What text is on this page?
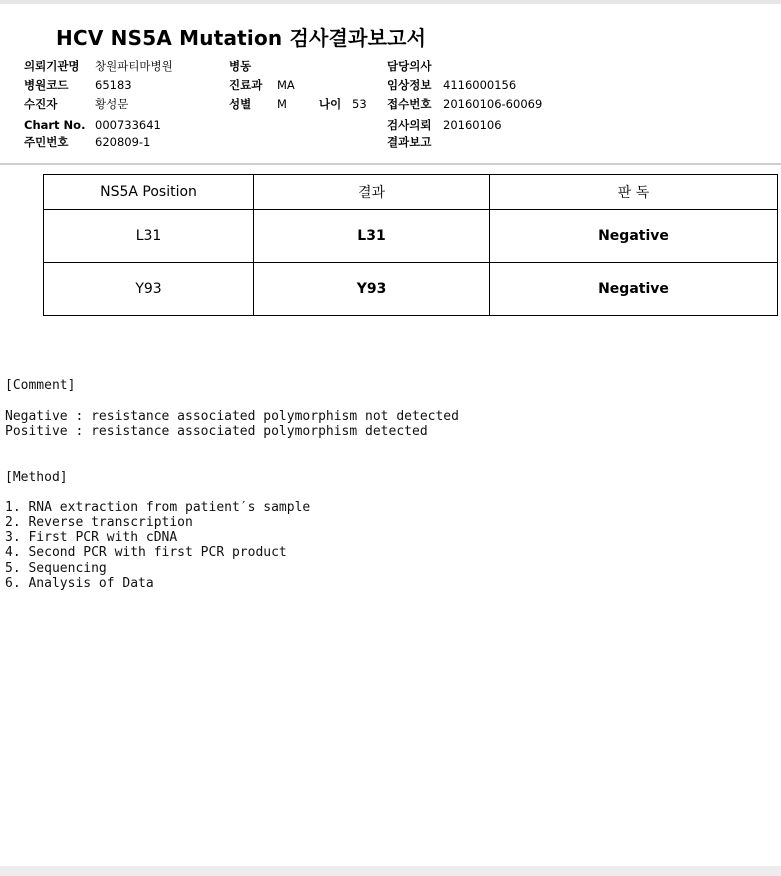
HCV NS5A Mutation 검사결과보고서
의뢰기관명 창원파티마병원
병원코드 65183
수진자	황성문
Chart No. 000733641
주민번호 620809-1
병동
진료과 MA
성별 M	나이 53
담당의사
임상정보 4116000156
접수번호 20160106-60069
검사의뢰 20160106
결과보고
NS5A Position	결과	판 독
L31	L31	Negative
Y93	Y93	Negative
[Comment]
Negative : resistance associated polymorphism not detected
Positive : resistance associated polymorphism detected
[Method]
1. RNA extraction from patient′s sample
2. Reverse transcription
3. First PCR with cDNA
4. Second PCR with first PCR product
5. Sequencing
6. Analysis of Data
